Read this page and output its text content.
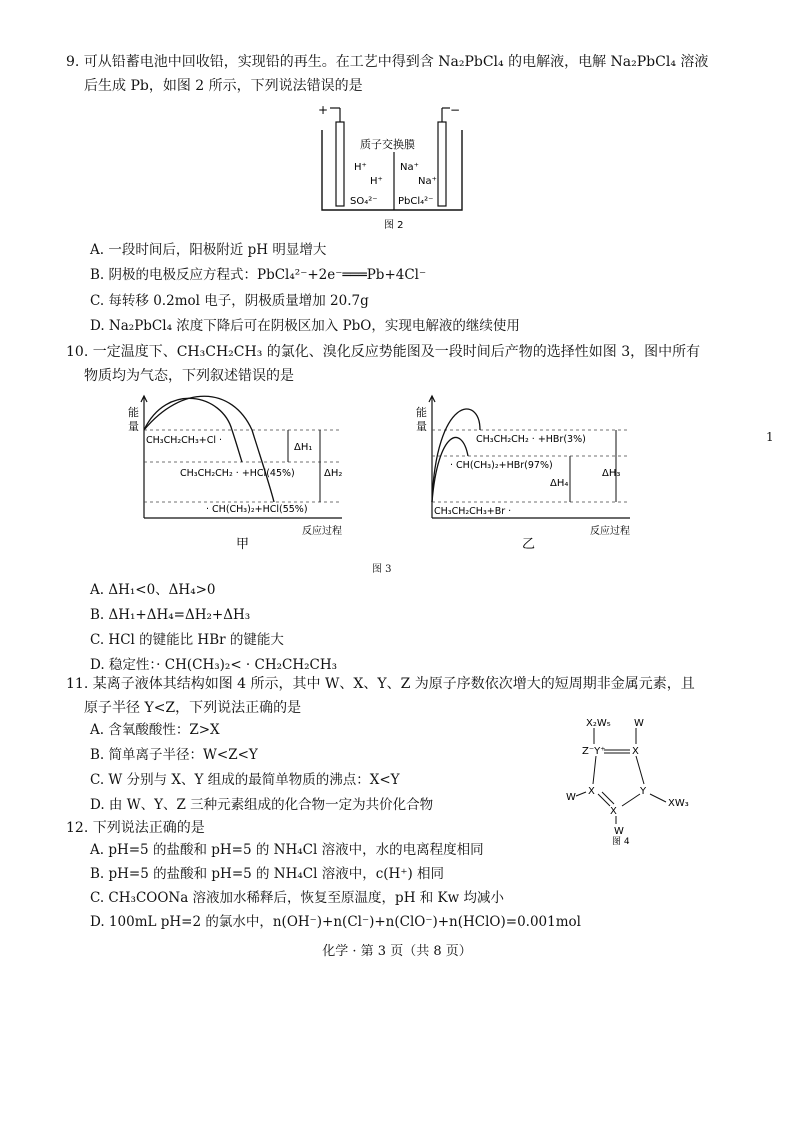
9. 可从铅蓄电池中回收铅，实现铅的再生。在工艺中得到含 Na₂PbCl₄ 的电解液，电解 Na₂PbCl₄ 溶液
后生成 Pb，如图 2 所示，下列说法错误的是
+	−
质子交换膜
H⁺
H⁺
SO₄²⁻
Na⁺
Na⁺
PbCl₄²⁻
图 2
A. 一段时间后，阳极附近 pH 明显增大
B. 阴极的电极反应方程式：PbCl₄²⁻+2e⁻═══Pb+4Cl⁻
C. 每转移 0.2mol 电子，阴极质量增加 20.7g
D. Na₂PbCl₄ 浓度下降后可在阴极区加入 PbO，实现电解液的继续使用
10. 一定温度下、CH₃CH₂CH₃ 的氯化、溴化反应势能图及一段时间后产物的选择性如图 3，图中所有
物质均为气态，下列叙述错误的是
能
量
反应过程
CH₃CH₂CH₃+Cl ·
CH₃CH₂CH₂ · +HCl(45%)
· CH(CH₃)₂+HCl(55%)
ΔH₁
ΔH₂
甲
能
量
反应过程
CH₃CH₂CH₂ · +HBr(3%)
· CH(CH₃)₂+HBr(97%)
CH₃CH₂CH₃+Br ·
ΔH₃
ΔH₄
乙
图 3
A. ΔH₁<0、ΔH₄>0
B. ΔH₁+ΔH₄=ΔH₂+ΔH₃
C. HCl 的键能比 HBr 的键能大
D. 稳定性：· CH(CH₃)₂< · CH₂CH₂CH₃
11. 某离子液体其结构如图 4 所示，其中 W、X、Y、Z 为原子序数依次增大的短周期非金属元素，且
原子半径 Y<Z，下列说法正确的是
A. 含氧酸酸性：Z>X
B. 简单离子半径：W<Z<Y
C. W 分别与 X、Y 组成的最简单物质的沸点：X<Y
D. 由 W、Y、Z 三种元素组成的化合物一定为共价化合物
X₂W₅ W
Z⁻Y⁺	X
X	Y
X
W
XW₃
W
图 4
12. 下列说法正确的是
A. pH=5 的盐酸和 pH=5 的 NH₄Cl 溶液中，水的电离程度相同
B. pH=5 的盐酸和 pH=5 的 NH₄Cl 溶液中，c(H⁺) 相同
C. CH₃COONa 溶液加水稀释后，恢复至原温度，pH 和 Kw 均减小
D. 100mL pH=2 的氯水中，n(OH⁻)+n(Cl⁻)+n(ClO⁻)+n(HClO)=0.001mol
化学 · 第 3 页（共 8 页）
1
